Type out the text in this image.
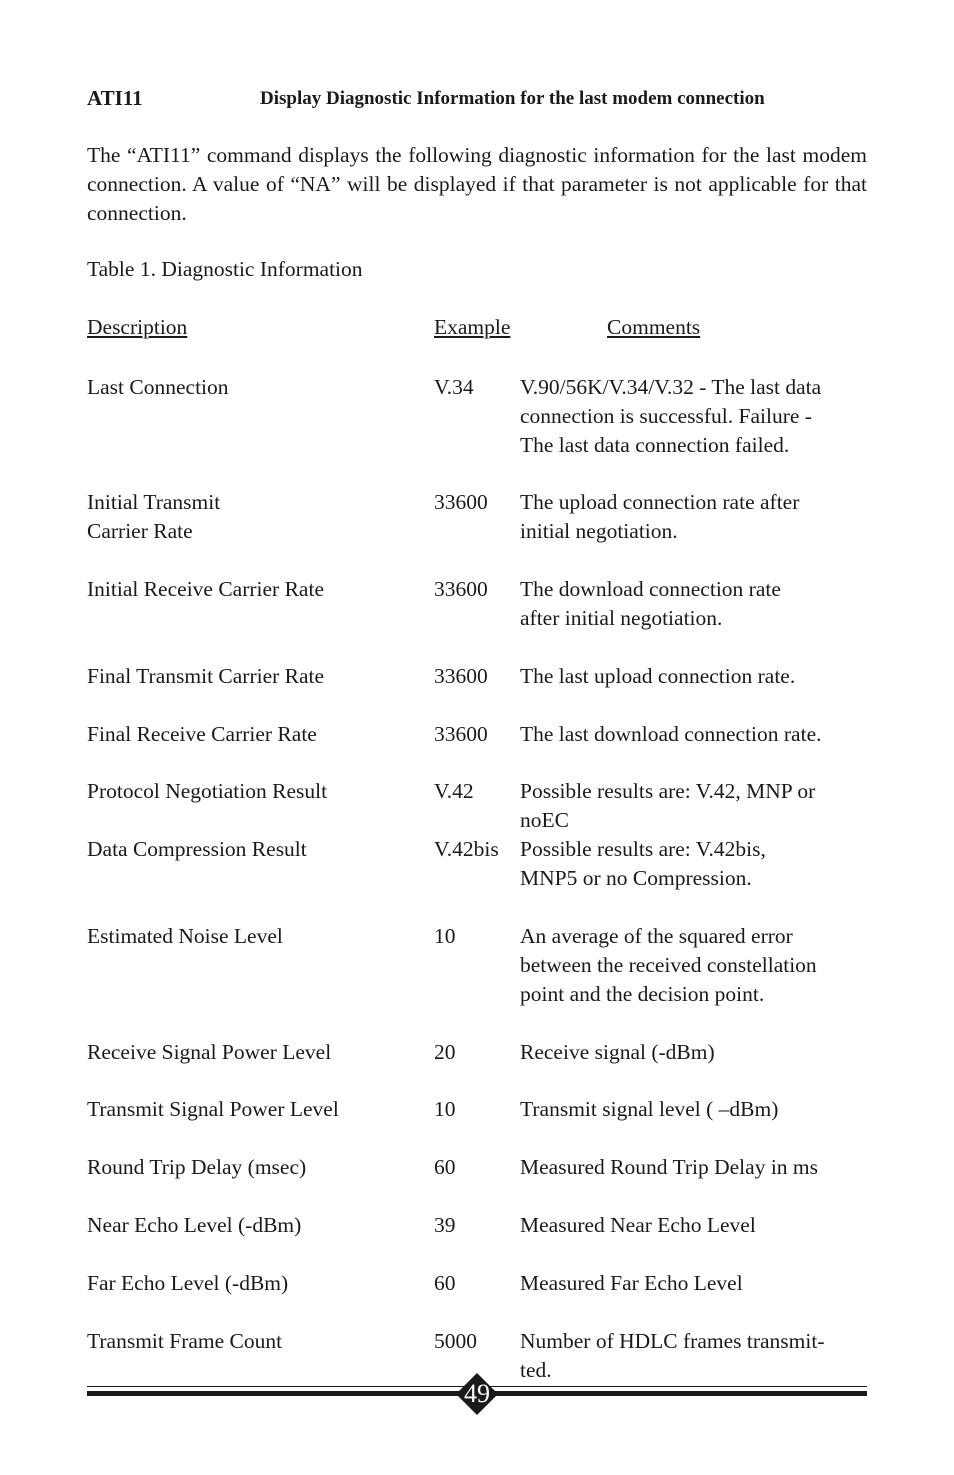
ATI11	Display Diagnostic Information for the last modem connection
The “ATI11” command displays the following diagnostic information for the last modem connection. A value of “NA” will be displayed if that parameter is not applicable for that connection.
Table 1. Diagnostic Information
Description	Example	Comments
Last Connection	V.34 V.90/56K/V.34/V.32 - The last data
connection is successful. Failure -
The last data connection failed.
Initial Transmit
Carrier Rate
33600 The upload connection rate after
initial negotiation.
Initial Receive Carrier Rate	33600 The download connection rate
after initial negotiation.
Final Transmit Carrier Rate	33600 The last upload connection rate.
Final Receive Carrier Rate	33600 The last download connection rate.
Protocol Negotiation Result	V.42 Possible results are: V.42, MNP or
noEC
Data Compression Result	V.42bis Possible results are: V.42bis,
MNP5 or no Compression.
Estimated Noise Level	10	An average of the squared error
between the received constellation
point and the decision point.
Receive Signal Power Level	20	Receive signal (-dBm)
Transmit Signal Power Level	10	Transmit signal level ( –dBm)
Round Trip Delay (msec)	60	Measured Round Trip Delay in ms
Near Echo Level (-dBm)	39	Measured Near Echo Level
Far Echo Level (-dBm)	60	Measured Far Echo Level
Transmit Frame Count	5000 Number of HDLC frames transmit-
ted.
49
